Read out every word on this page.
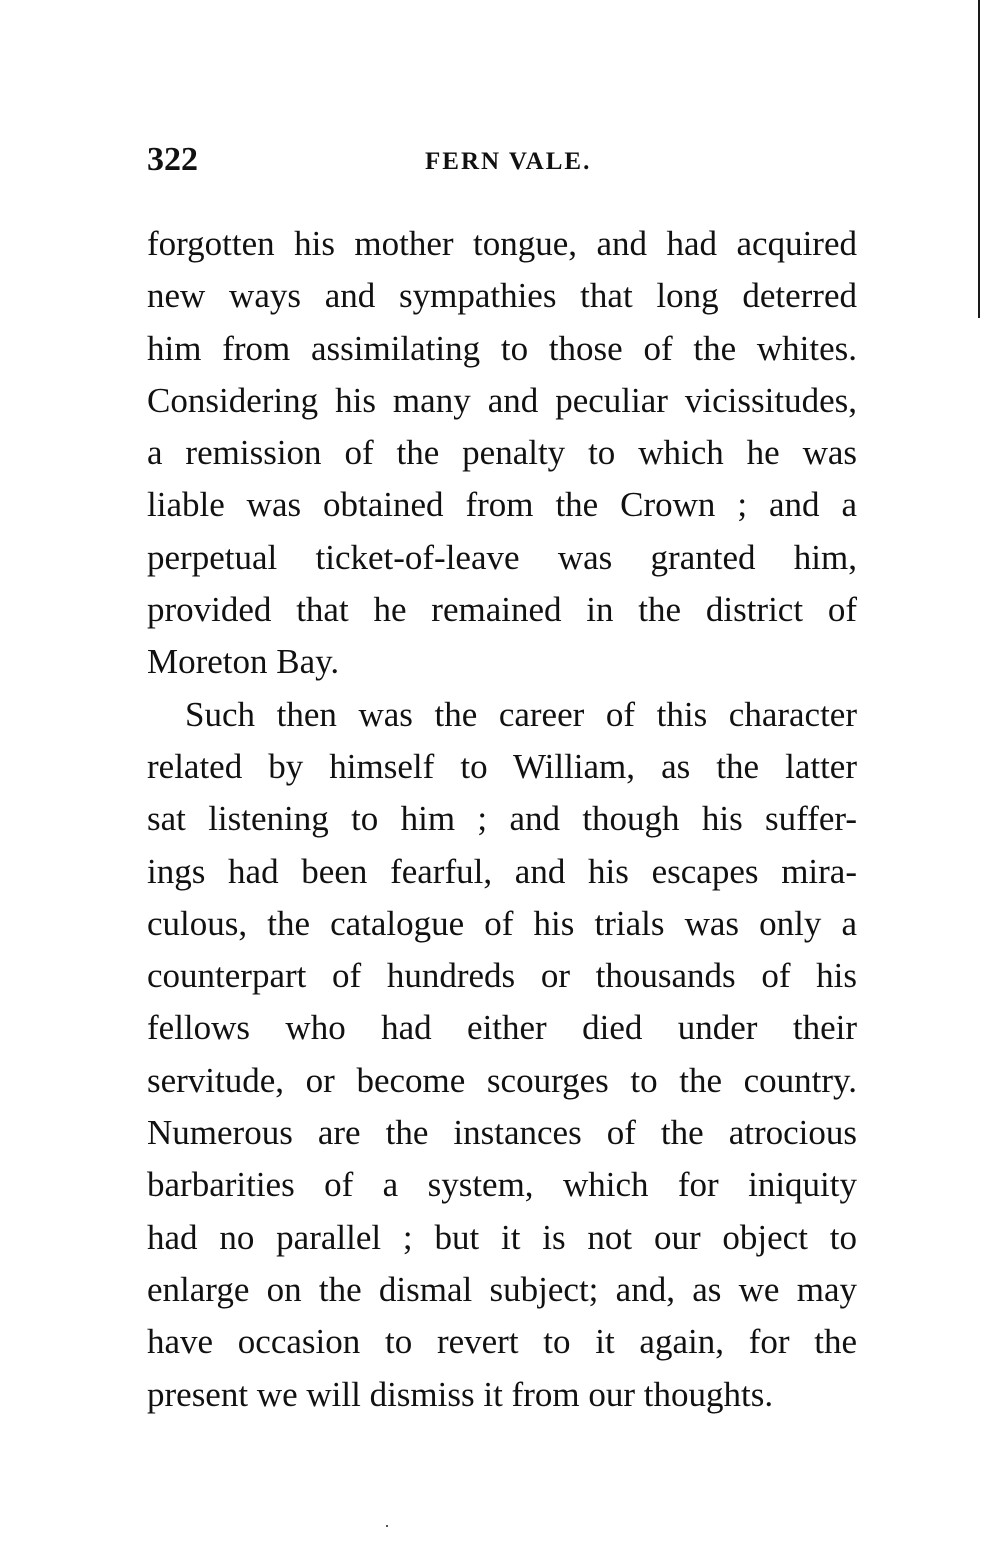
322	FERN VALE.
forgotten his mother tongue, and had acquired
new ways and sympathies that long deterred
him from assimilating to those of the whites.
Considering his many and peculiar vicissitudes,
a remission of the penalty to which he was
liable was obtained from the Crown ; and a
perpetual ticket-of-leave was granted him,
provided that he remained in the district of
Moreton Bay.
Such then was the career of this character
related by himself to William, as the latter
sat listening to him ; and though his suffer-
ings had been fearful, and his escapes mira-
culous, the catalogue of his trials was only a
counterpart of hundreds or thousands of his
fellows who had either died under their
servitude, or become scourges to the country.
Numerous are the instances of the atrocious
barbarities of a system, which for iniquity
had no parallel ; but it is not our object to
enlarge on the dismal subject; and, as we may
have occasion to revert to it again, for the
present we will dismiss it from our thoughts.
